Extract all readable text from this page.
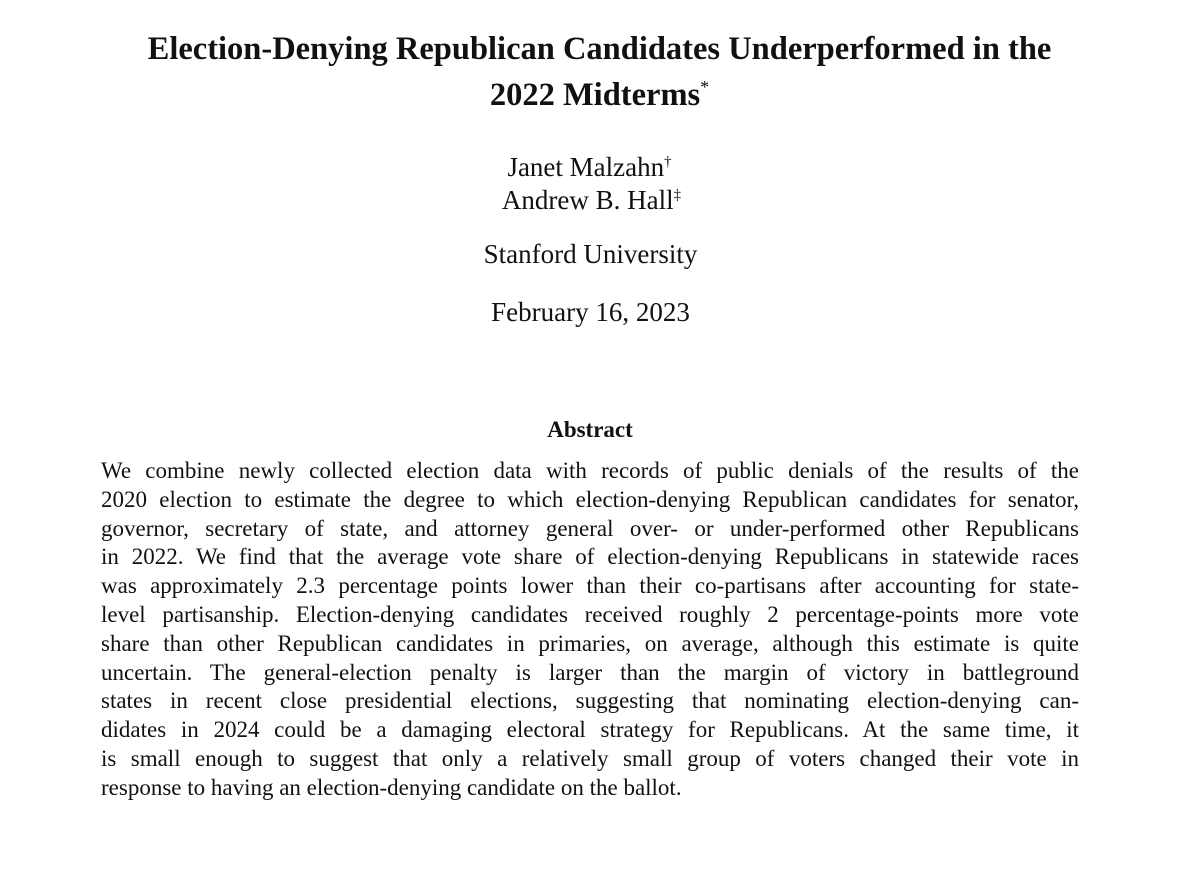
Election-Denying Republican Candidates Underperformed in the
2022 Midterms*

Janet Malzahn†

Andrew B. Hall‡

Stanford University

February 16, 2023

Abstract
We combine newly collected election data with records of public denials of the results of the
2020 election to estimate the degree to which election-denying Republican candidates for senator,
governor, secretary of state, and attorney general over- or under-performed other Republicans
in 2022. We find that the average vote share of election-denying Republicans in statewide races
was approximately 2.3 percentage points lower than their co-partisans after accounting for state-
level partisanship. Election-denying candidates received roughly 2 percentage-points more vote
share than other Republican candidates in primaries, on average, although this estimate is quite
uncertain. The general-election penalty is larger than the margin of victory in battleground
states in recent close presidential elections, suggesting that nominating election-denying can-
didates in 2024 could be a damaging electoral strategy for Republicans. At the same time, it
is small enough to suggest that only a relatively small group of voters changed their vote in
response to having an election-denying candidate on the ballot.
